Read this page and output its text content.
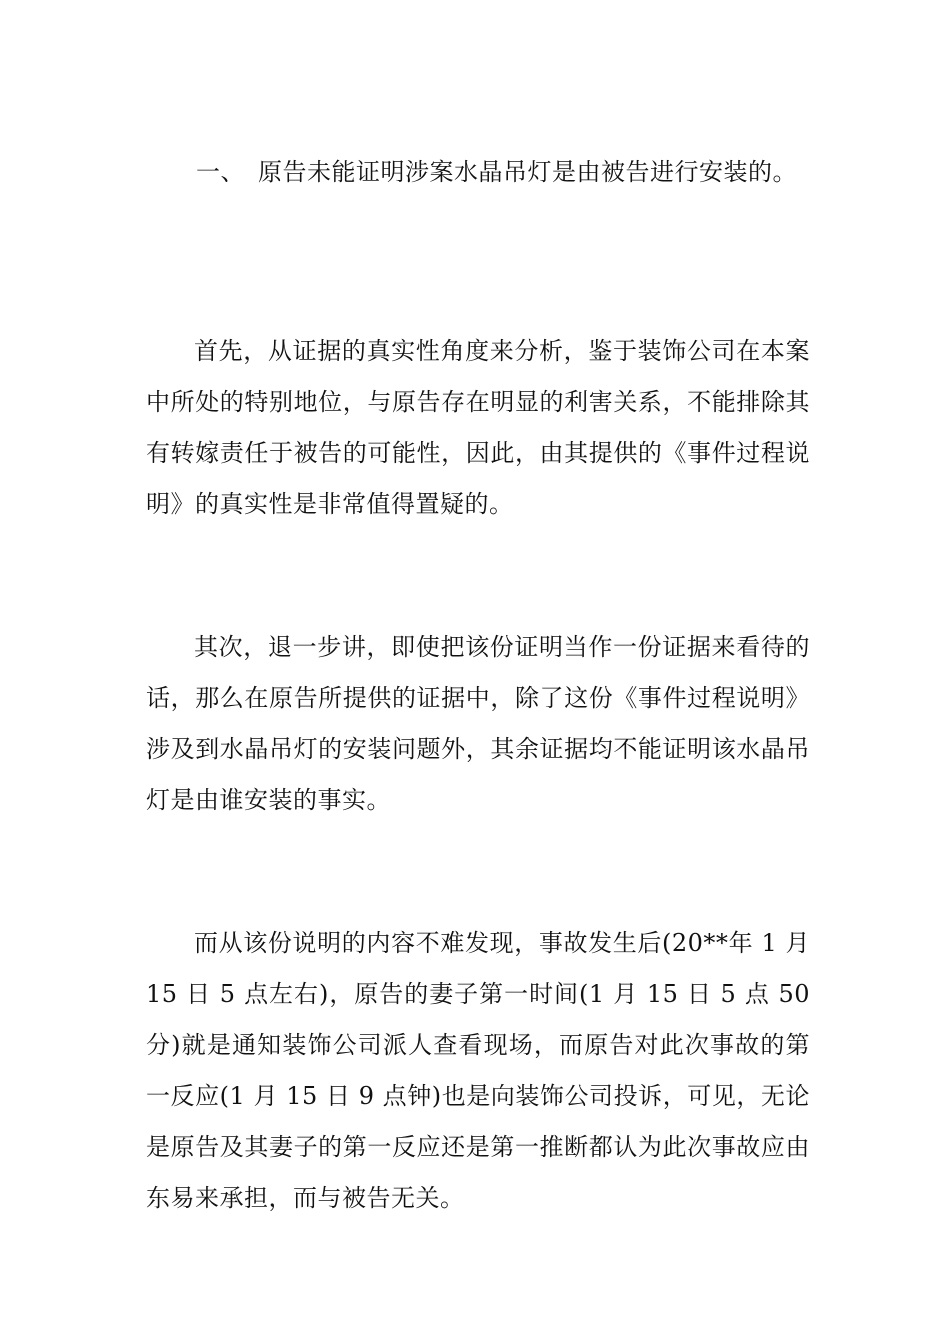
一、 原告未能证明涉案水晶吊灯是由被告进行安装的。

首先，从证据的真实性角度来分析，鉴于装饰公司在本案中所处的特别地位，与原告存在明显的利害关系，不能排除其有转嫁责任于被告的可能性，因此，由其提供的《事件过程说明》的真实性是非常值得置疑的。

其次，退一步讲，即使把该份证明当作一份证据来看待的话，那么在原告所提供的证据中，除了这份《事件过程说明》涉及到水晶吊灯的安装问题外，其余证据均不能证明该水晶吊灯是由谁安装的事实。

而从该份说明的内容不难发现，事故发生后(20**年 1 月 15 日 5 点左右)，原告的妻子第一时间(1 月 15 日 5 点 50 分)就是通知装饰公司派人查看现场，而原告对此次事故的第一反应(1 月 15 日 9 点钟)也是向装饰公司投诉，可见，无论是原告及其妻子的第一反应还是第一推断都认为此次事故应由东易来承担，而与被告无关。
